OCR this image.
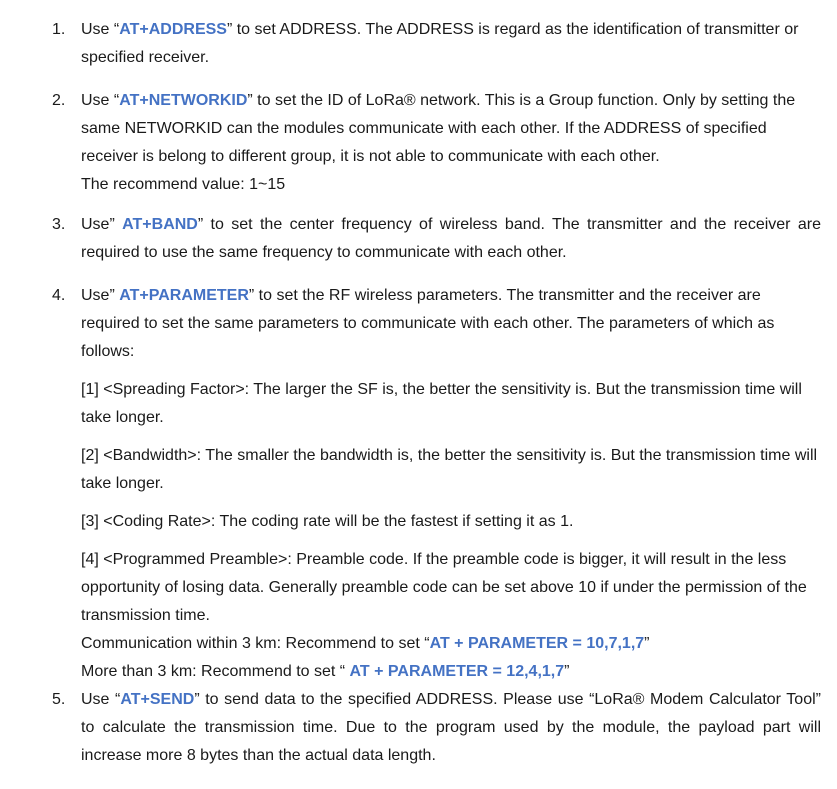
1. Use “AT+ADDRESS” to set ADDRESS. The ADDRESS is regard as the identification of transmitter or specified receiver.

2. Use “AT+NETWORKID” to set the ID of LoRa® network. This is a Group function. Only by setting the same NETWORKID can the modules communicate with each other. If the ADDRESS of specified receiver is belong to different group, it is not able to communicate with each other.

The recommend value: 1~15

3. Use” AT+BAND” to set the center frequency of wireless band. The transmitter and the receiver are required to use the same frequency to communicate with each other.

4. Use” AT+PARAMETER” to set the RF wireless parameters. The transmitter and the receiver are required to set the same parameters to communicate with each other. The parameters of which as follows:

[1] <Spreading Factor>: The larger the SF is, the better the sensitivity is. But the transmission time will take longer.

[2] <Bandwidth>: The smaller the bandwidth is, the better the sensitivity is. But the transmission time will take longer.

[3] <Coding Rate>: The coding rate will be the fastest if setting it as 1.

[4] <Programmed Preamble>: Preamble code. If the preamble code is bigger, it will result in the less opportunity of losing data. Generally preamble code can be set above 10 if under the permission of the transmission time.

Communication within 3 km: Recommend to set “AT + PARAMETER = 10,7,1,7”

More than 3 km: Recommend to set “ AT + PARAMETER = 12,4,1,7”

5. Use “AT+SEND” to send data to the specified ADDRESS. Please use “LoRa® Modem Calculator Tool” to calculate the transmission time. Due to the program used by the module, the payload part will increase more 8 bytes than the actual data length.
